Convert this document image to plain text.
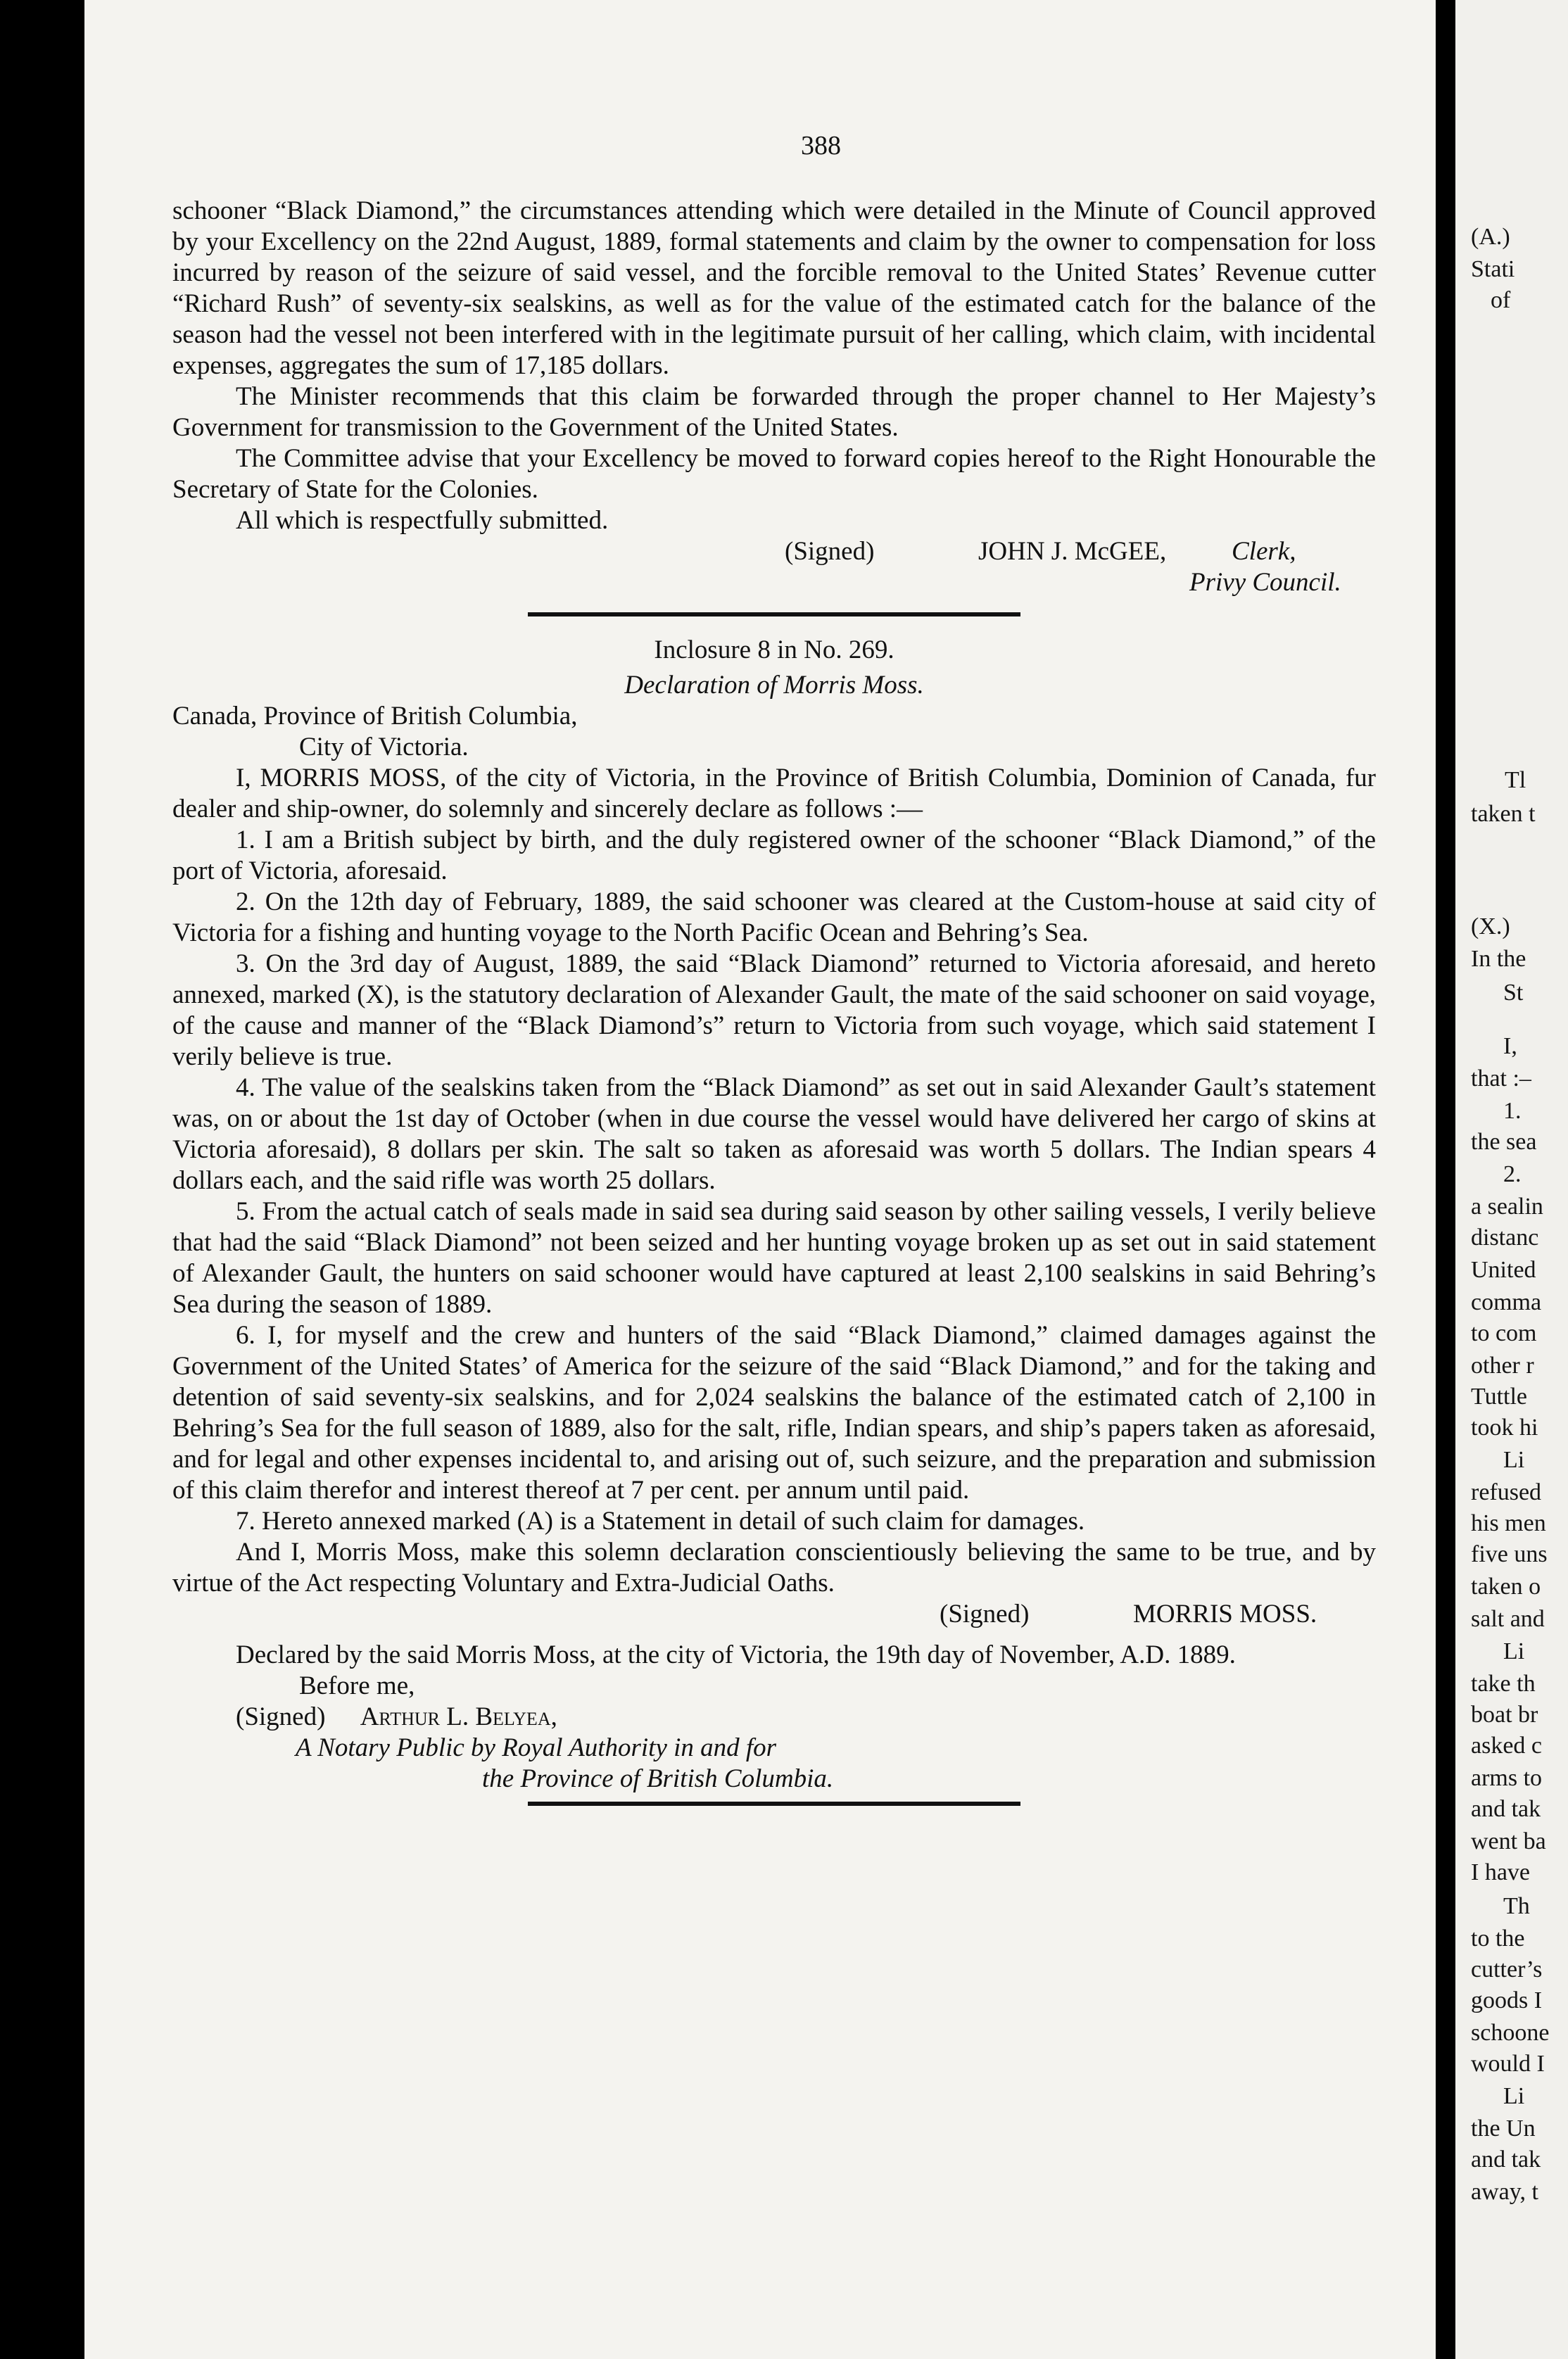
(A.)
Stati
of
Tl
taken t
(X.)
In the
St
I,
that :–
1.
the sea
2.
a sealin
distanc
United
comma
to com
other r
Tuttle
took hi
Li
refused
his men
five uns
taken o
salt and
Li
take th
boat br
asked c
arms to
and tak
went ba
I have
Th
to the
cutter’s
goods I
schoone
would I
Li
the Un
and tak
away, t
388

schooner “Black Diamond,” the circumstances attending which were detailed in the Minute of Council approved by your Excellency on the 22nd August, 1889, formal statements and claim by the owner to compensation for loss incurred by reason of the seizure of said vessel, and the forcible removal to the United States’ Revenue cutter “Richard Rush” of seventy-six sealskins, as well as for the value of the estimated catch for the balance of the season had the vessel not been interfered with in the legitimate pursuit of her calling, which claim, with incidental expenses, aggregates the sum of 17,185 dollars.

The Minister recommends that this claim be forwarded through the proper channel to Her Majesty’s Government for transmission to the Government of the United States.

The Committee advise that your Excellency be moved to forward copies hereof to the Right Honourable the Secretary of State for the Colonies.

All which is respectfully submitted.

(Signed)	JOHN J. McGEE,	Clerk,
Privy Council.

Inclosure 8 in No. 269.

Declaration of Morris Moss.

Canada, Province of British Columbia,

City of Victoria.

I, MORRIS MOSS, of the city of Victoria, in the Province of British Columbia, Dominion of Canada, fur dealer and ship-owner, do solemnly and sincerely declare as follows :—

1. I am a British subject by birth, and the duly registered owner of the schooner “Black Diamond,” of the port of Victoria, aforesaid.

2. On the 12th day of February, 1889, the said schooner was cleared at the Custom-house at said city of Victoria for a fishing and hunting voyage to the North Pacific Ocean and Behring’s Sea.

3. On the 3rd day of August, 1889, the said “Black Diamond” returned to Victoria aforesaid, and hereto annexed, marked (X), is the statutory declaration of Alexander Gault, the mate of the said schooner on said voyage, of the cause and manner of the “Black Diamond’s” return to Victoria from such voyage, which said statement I verily believe is true.

4. The value of the sealskins taken from the “Black Diamond” as set out in said Alexander Gault’s statement was, on or about the 1st day of October (when in due course the vessel would have delivered her cargo of skins at Victoria aforesaid), 8 dollars per skin. The salt so taken as aforesaid was worth 5 dollars. The Indian spears 4 dollars each, and the said rifle was worth 25 dollars.

5. From the actual catch of seals made in said sea during said season by other sailing vessels, I verily believe that had the said “Black Diamond” not been seized and her hunting voyage broken up as set out in said statement of Alexander Gault, the hunters on said schooner would have captured at least 2,100 sealskins in said Behring’s Sea during the season of 1889.

6. I, for myself and the crew and hunters of the said “Black Diamond,” claimed damages against the Government of the United States’ of America for the seizure of the said “Black Diamond,” and for the taking and detention of said seventy-six sealskins, and for 2,024 sealskins the balance of the estimated catch of 2,100 in Behring’s Sea for the full season of 1889, also for the salt, rifle, Indian spears, and ship’s papers taken as aforesaid, and for legal and other expenses incidental to, and arising out of, such seizure, and the preparation and submission of this claim therefor and interest thereof at 7 per cent. per annum until paid.

7. Hereto annexed marked (A) is a Statement in detail of such claim for damages.

And I, Morris Moss, make this solemn declaration conscientiously believing the same to be true, and by virtue of the Act respecting Voluntary and Extra-Judicial Oaths.

(Signed)	MORRIS MOSS.

Declared by the said Morris Moss, at the city of Victoria, the 19th day of November, A.D. 1889.

Before me,

(Signed) Arthur L. Belyea,

A Notary Public by Royal Authority in and for

the Province of British Columbia.
